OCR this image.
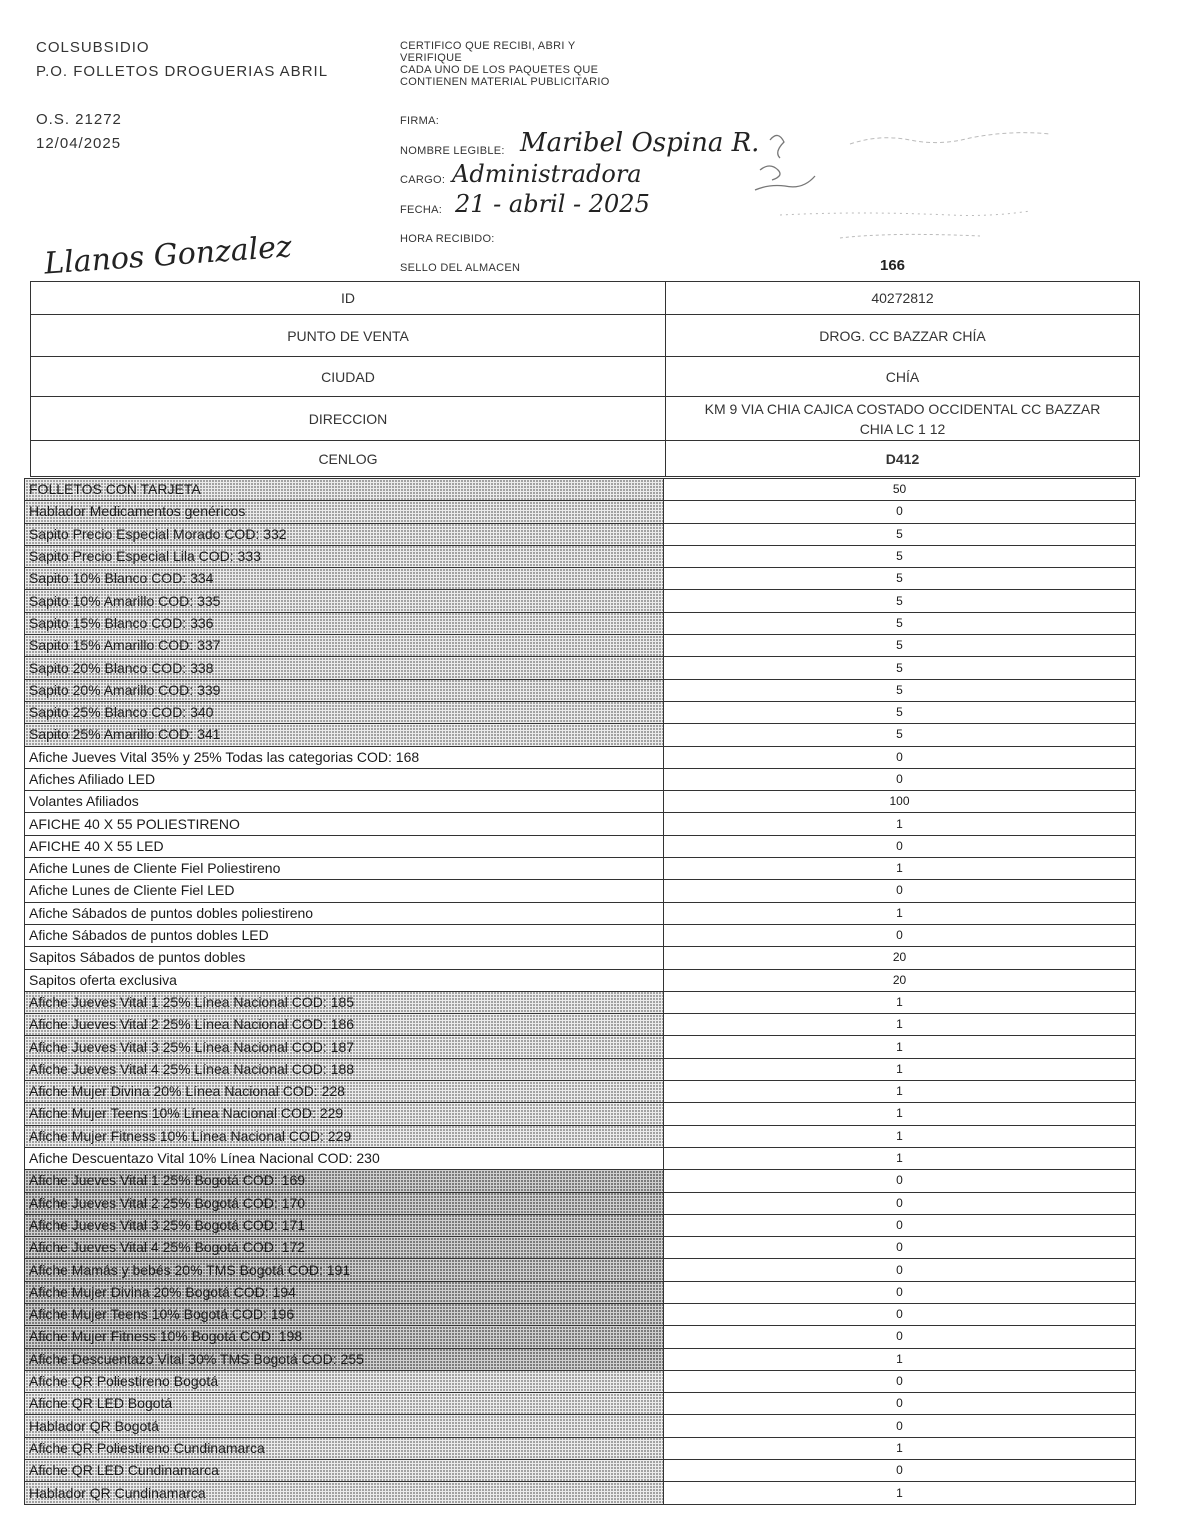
COLSUBSIDIO
P.O. FOLLETOS DROGUERIAS ABRIL
O.S. 21272
12/04/2025
CERTIFICO QUE RECIBI, ABRI Y
VERIFIQUE
CADA UNO DE LOS PAQUETES QUE
CONTIENEN MATERIAL PUBLICITARIO
FIRMA:
NOMBRE LEGIBLE: Maribel Ospina R.
CARGO: Administradora
FECHA: 21 - abril - 2025
HORA RECIBIDO:
SELLO DEL ALMACEN	166
Llanos Gonzalez
ID	40272812
PUNTO DE VENTA	DROG. CC BAZZAR CHÍA
CIUDAD	CHÍA
DIRECCION	KM 9 VIA CHIA CAJICA COSTADO OCCIDENTAL CC BAZZAR
CHIA LC 1 12

CENLOG	D412
FOLLETOS CON TARJETA	50
Hablador Medicamentos genéricos	0
Sapito Precio Especial Morado COD: 332	5
Sapito Precio Especial Lila COD: 333	5
Sapito 10% Blanco COD: 334	5
Sapito 10% Amarillo COD: 335	5
Sapito 15% Blanco COD: 336	5
Sapito 15% Amarillo COD: 337	5
Sapito 20% Blanco COD: 338	5
Sapito 20% Amarillo COD: 339	5
Sapito 25% Blanco COD: 340	5
Sapito 25% Amarillo COD: 341	5
Afiche Jueves Vital 35% y 25% Todas las categorias COD: 168	0
Afiches Afiliado LED	0
Volantes Afiliados	100
AFICHE 40 X 55 POLIESTIRENO	1
AFICHE 40 X 55 LED	0
Afiche Lunes de Cliente Fiel Poliestireno	1
Afiche Lunes de Cliente Fiel LED	0
Afiche Sábados de puntos dobles poliestireno	1
Afiche Sábados de puntos dobles LED	0
Sapitos Sábados de puntos dobles	20
Sapitos oferta exclusiva	20
Afiche Jueves Vital 1 25% Línea Nacional COD: 185	1
Afiche Jueves Vital 2 25% Línea Nacional COD: 186	1
Afiche Jueves Vital 3 25% Línea Nacional COD: 187	1
Afiche Jueves Vital 4 25% Línea Nacional COD: 188	1
Afiche Mujer Divina 20% Línea Nacional COD: 228	1
Afiche Mujer Teens 10% Línea Nacional COD: 229	1
Afiche Mujer Fitness 10% Línea Nacional COD: 229	1
Afiche Descuentazo Vital 10% Línea Nacional COD: 230	1
Afiche Jueves Vital 1 25% Bogotá COD: 169	0
Afiche Jueves Vital 2 25% Bogotá COD: 170	0
Afiche Jueves Vital 3 25% Bogotá COD: 171	0
Afiche Jueves Vital 4 25% Bogotá COD: 172	0
Afiche Mamás y bebés 20% TMS Bogotá COD: 191	0
Afiche Mujer Divina 20% Bogotá COD: 194	0
Afiche Mujer Teens 10% Bogotá COD: 196	0
Afiche Mujer Fitness 10% Bogotá COD: 198	0
Afiche Descuentazo Vital 30% TMS Bogotá COD: 255	1
Afiche QR Poliestireno Bogotá	0
Afiche QR LED Bogotá	0
Hablador QR Bogotá	0
Afiche QR Poliestireno Cundinamarca	1
Afiche QR LED Cundinamarca	0
Hablador QR Cundinamarca	1
